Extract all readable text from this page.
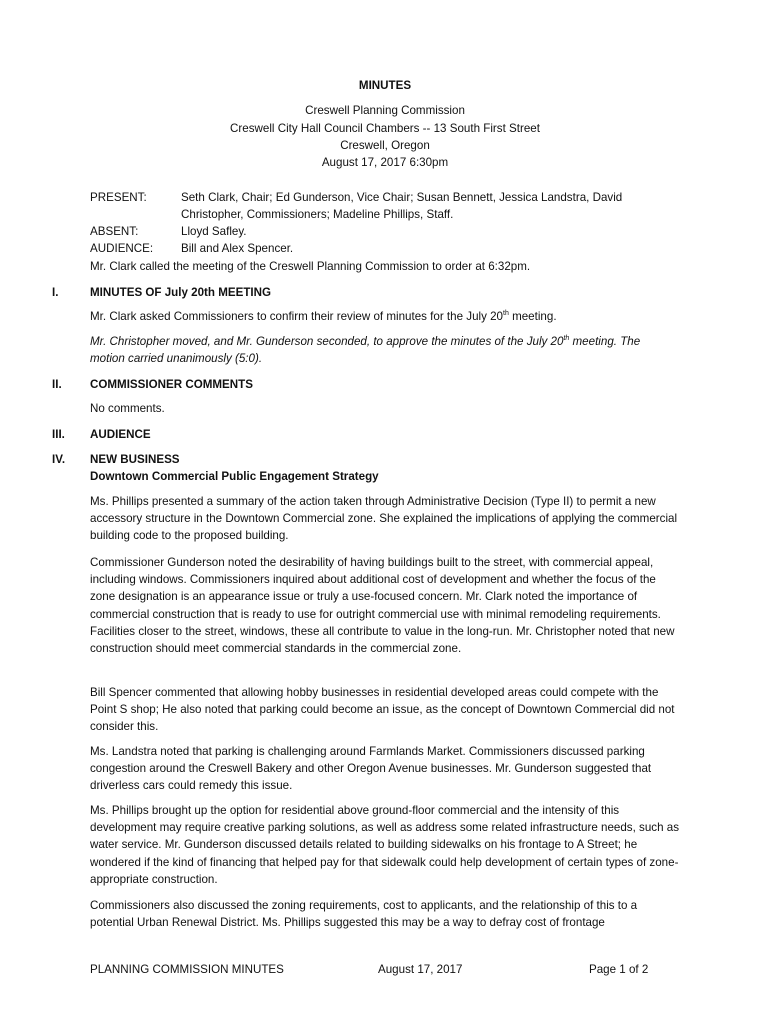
MINUTES
Creswell Planning Commission
Creswell City Hall Council Chambers -- 13 South First Street
Creswell, Oregon
August 17, 2017 6:30pm
PRESENT:	Seth Clark, Chair; Ed Gunderson, Vice Chair; Susan Bennett, Jessica Landstra, David Christopher, Commissioners; Madeline Phillips, Staff.
ABSENT:	Lloyd Safley.
AUDIENCE: Bill and Alex Spencer.
Mr. Clark called the meeting of the Creswell Planning Commission to order at 6:32pm.
I.	MINUTES OF July 20th MEETING
Mr. Clark asked Commissioners to confirm their review of minutes for the July 20th meeting.
Mr. Christopher moved, and Mr. Gunderson seconded, to approve the minutes of the July 20th meeting. The motion carried unanimously (5:0).
II. COMMISSIONER COMMENTS
No comments.
III. AUDIENCE
IV. NEW BUSINESS
Downtown Commercial Public Engagement Strategy
Ms. Phillips presented a summary of the action taken through Administrative Decision (Type II) to permit a new accessory structure in the Downtown Commercial zone. She explained the implications of applying the commercial building code to the proposed building.
Commissioner Gunderson noted the desirability of having buildings built to the street, with commercial appeal, including windows. Commissioners inquired about additional cost of development and whether the focus of the zone designation is an appearance issue or truly a use-focused concern. Mr. Clark noted the importance of commercial construction that is ready to use for outright commercial use with minimal remodeling requirements. Facilities closer to the street, windows, these all contribute to value in the long-run. Mr. Christopher noted that new construction should meet commercial standards in the commercial zone.
Bill Spencer commented that allowing hobby businesses in residential developed areas could compete with the Point S shop; He also noted that parking could become an issue, as the concept of Downtown Commercial did not consider this.
Ms. Landstra noted that parking is challenging around Farmlands Market. Commissioners discussed parking congestion around the Creswell Bakery and other Oregon Avenue businesses. Mr. Gunderson suggested that driverless cars could remedy this issue.
Ms. Phillips brought up the option for residential above ground-floor commercial and the intensity of this development may require creative parking solutions, as well as address some related infrastructure needs, such as water service. Mr. Gunderson discussed details related to building sidewalks on his frontage to A Street; he wondered if the kind of financing that helped pay for that sidewalk could help development of certain types of zone-appropriate construction.
Commissioners also discussed the zoning requirements, cost to applicants, and the relationship of this to a potential Urban Renewal District. Ms. Phillips suggested this may be a way to defray cost of frontage
PLANNING COMMISSION MINUTES	August 17, 2017	Page 1 of 2
